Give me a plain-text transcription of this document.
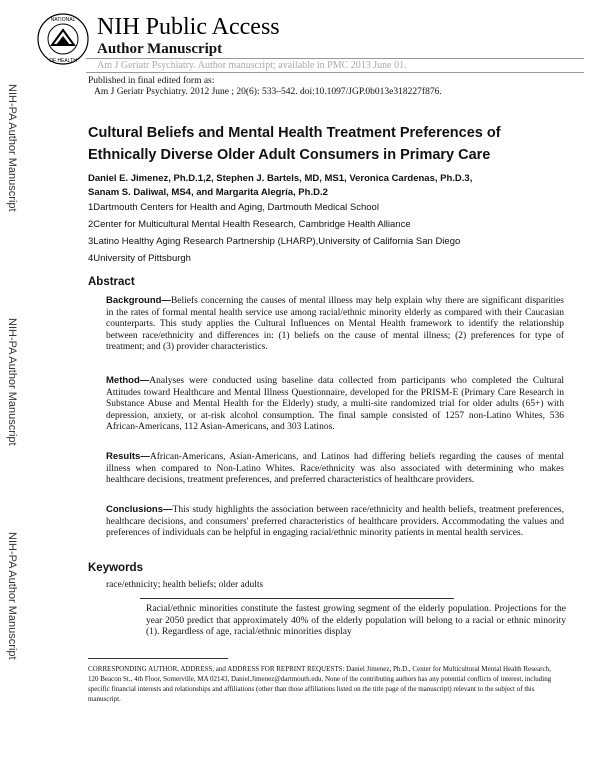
NATIONAL
OF HEALTH
NIH Public Access
Author Manuscript
Am J Geriatr Psychiatry. Author manuscript; available in PMC 2013 June 01.
Published in final edited form as:
Am J Geriatr Psychiatry. 2012 June ; 20(6): 533–542. doi:10.1097/JGP.0b013e318227f876.
NIH-PA Author Manuscript
NIH-PA Author Manuscript
NIH-PA Author Manuscript
Cultural Beliefs and Mental Health Treatment Preferences of Ethnically Diverse Older Adult Consumers in Primary Care
Daniel E. Jimenez, Ph.D.1,2, Stephen J. Bartels, MD, MS1, Veronica Cardenas, Ph.D.3,
Sanam S. Daliwal, MS4, and Margarita Alegría, Ph.D.2
1Dartmouth Centers for Health and Aging, Dartmouth Medical School
2Center for Multicultural Mental Health Research, Cambridge Health Alliance
3Latino Healthy Aging Research Partnership (LHARP),University of California San Diego
4University of Pittsburgh
Abstract
Background—Beliefs concerning the causes of mental illness may help explain why there are significant disparities in the rates of formal mental health service use among racial/ethnic minority elderly as compared with their Caucasian counterparts. This study applies the Cultural Influences on Mental Health framework to identify the relationship between race/ethnicity and differences in: (1) beliefs on the cause of mental illness; (2) preferences for type of treatment; and (3) provider characteristics.
Method—Analyses were conducted using baseline data collected from participants who completed the Cultural Attitudes toward Healthcare and Mental Illness Questionnaire, developed for the PRISM-E (Primary Care Research in Substance Abuse and Mental Health for the Elderly) study, a multi-site randomized trial for older adults (65+) with depression, anxiety, or at-risk alcohol consumption. The final sample consisted of 1257 non-Latino Whites, 536 African-Americans, 112 Asian-Americans, and 303 Latinos.
Results—African-Americans, Asian-Americans, and Latinos had differing beliefs regarding the causes of mental illness when compared to Non-Latino Whites. Race/ethnicity was also associated with determining who makes healthcare decisions, treatment preferences, and preferred characteristics of healthcare providers.
Conclusions—This study highlights the association between race/ethnicity and health beliefs, treatment preferences, healthcare decisions, and consumers' preferred characteristics of healthcare providers. Accommodating the values and preferences of individuals can be helpful in engaging racial/ethnic minority patients in mental health services.
Keywords
race/ethnicity; health beliefs; older adults
Racial/ethnic minorities constitute the fastest growing segment of the elderly population. Projections for the year 2050 predict that approximately 40% of the elderly population will belong to a racial or ethnic minority (1). Regardless of age, racial/ethnic minorities display
CORRESPONDING AUTHOR, ADDRESS, and ADDRESS FOR REPRINT REQUESTS: Daniel Jimenez, Ph.D., Center for Multicultural Mental Health Research, 120 Beacon St., 4th Floor, Somerville, MA 02143, Daniel.Jimenez@dartmouth.edu. None of the contributing authors has any potential conflicts of interest, including specific financial interests and relationships and affiliations (other than those affiliations listed on the title page of the manuscript) relevant to the subject of this manuscript.
